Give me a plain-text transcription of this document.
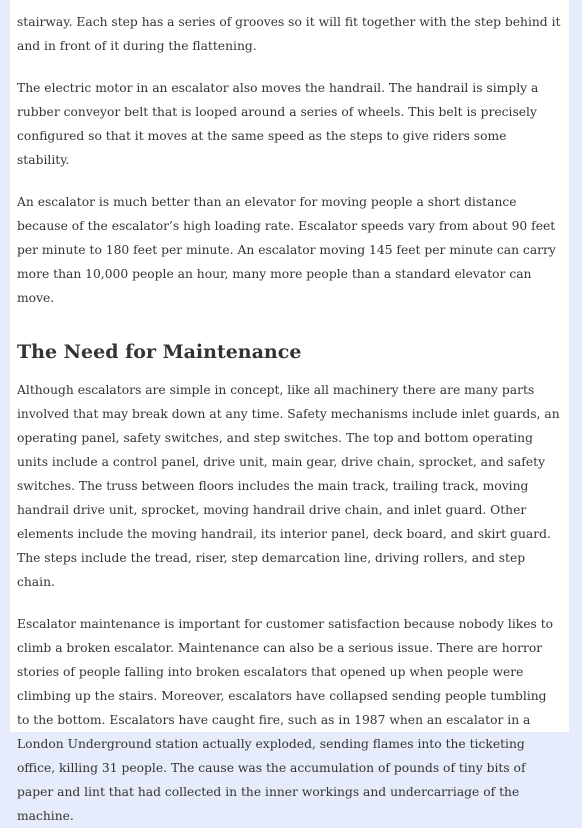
stairway. Each step has a series of grooves so it will fit together with the step behind it and in front of it during the flattening.

The electric motor in an escalator also moves the handrail. The handrail is simply a rubber conveyor belt that is looped around a series of wheels. This belt is precisely configured so that it moves at the same speed as the steps to give riders some stability.

An escalator is much better than an elevator for moving people a short distance because of the escalator’s high loading rate. Escalator speeds vary from about 90 feet per minute to 180 feet per minute. An escalator moving 145 feet per minute can carry more than 10,000 people an hour, many more people than a standard elevator can move.

The Need for Maintenance

Although escalators are simple in concept, like all machinery there are many parts involved that may break down at any time. Safety mechanisms include inlet guards, an operating panel, safety switches, and step switches. The top and bottom operating units include a control panel, drive unit, main gear, drive chain, sprocket, and safety switches. The truss between floors includes the main track, trailing track, moving handrail drive unit, sprocket, moving handrail drive chain, and inlet guard. Other elements include the moving handrail, its interior panel, deck board, and skirt guard. The steps include the tread, riser, step demarcation line, driving rollers, and step chain.

Escalator maintenance is important for customer satisfaction because nobody likes to climb a broken escalator. Maintenance can also be a serious issue. There are horror stories of people falling into broken escalators that opened up when people were climbing up the stairs. Moreover, escalators have collapsed sending people tumbling to the bottom. Escalators have caught fire, such as in 1987 when an escalator in a London Underground station actually exploded, sending flames into the ticketing office, killing 31 people. The cause was the accumulation of pounds of tiny bits of paper and lint that had collected in the inner workings and undercarriage of the machine.
